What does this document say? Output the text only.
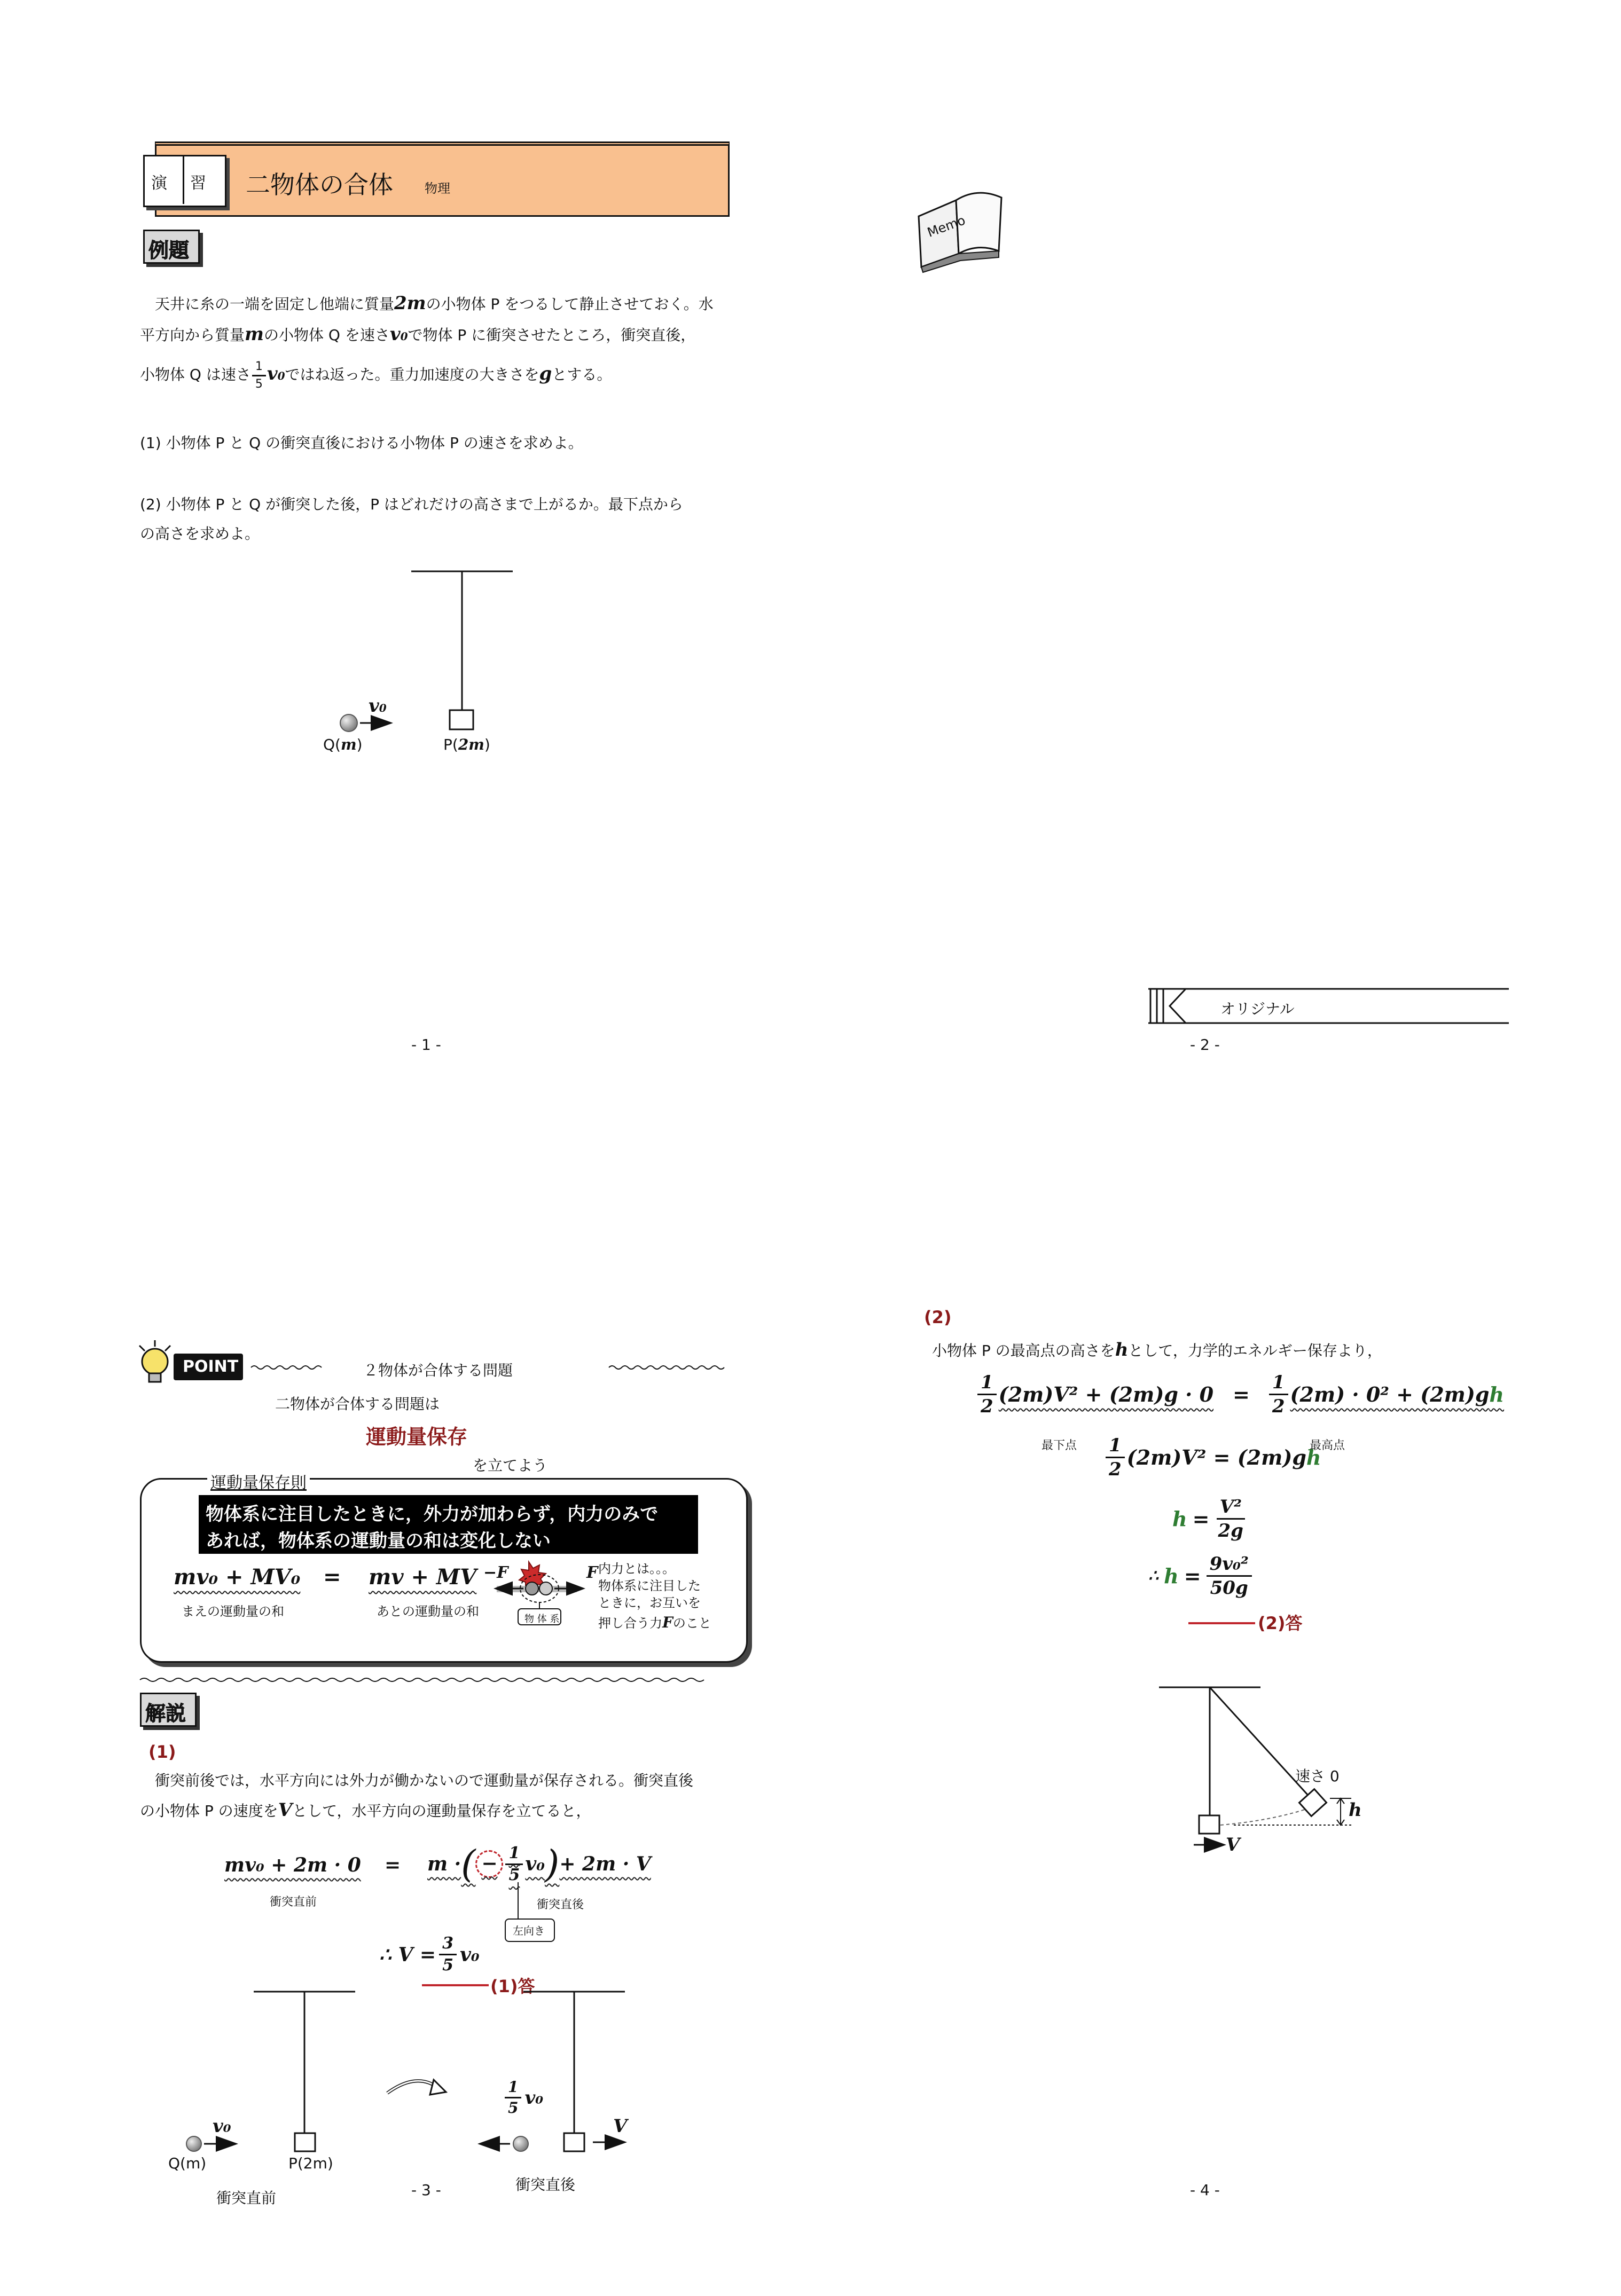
演 習 二物体の合体 物理
例題
天井に糸の一端を固定し他端に質量2mの小物体 P をつるして静止させておく。水
平方向から質量mの小物体 Q を速さv0で物体 P に衝突させたところ，衝突直後，
小物体 Q は速さ $\frac{1}{5} v0$ではね返った。重力加速度の大きさをgとする。
(1) 小物体 P と Q の衝突直後における小物体 P の速さを求めよ。
(2) 小物体 P と Q が衝突した後，P はどれだけの高さまで上がるか。最下点から
の高さを求めよ。
v0
Q(m)	P(2m)
- 1 -
Memo
オリジナル
- 2 -
POINT	２物体が合体する問題
二物体が合体する問題は
運動量保存
を立てよう
運動量保存則
物体系に注目したときに，外力が加わらず，内力のみで
あれば，物体系の運動量の和は変化しない
mv₀ + MV₀ = mv + MV
まえの運動量の和	あとの運動量の和
−F	F
物 体 系
内力とは。。。
物体系に注目した
ときに，お互いを
押し合う力Fのこと
解説
(1)
衝突前後では，水平方向には外力が働かないので運動量が保存される。衝突直後
の小物体 P の速度をVとして，水平方向の運動量保存を立てると，
mv₀ + 2m · 0 = m · ( − $\frac{1}{5} v_0$ ) + 2m · V
衝突直前	衝突直後
左向き
∴ $V = \frac{3}{5} v_0$
(1)答
v₀
Q(m)	P(2m)
衝突直前
$\frac{1}{5} v_0$
V
衝突直後
- 3 -
(2)
小物体 P の最高点の高さをhとして，力学的エネルギー保存より，
$\frac{1}{2} (2m)V^2 + (2m)g \cdot 0 = \frac{1}{2} (2m) \cdot 0^2 + (2m)gh$
最下点	最高点
$\frac{1}{2} (2m)V^2 = (2m)g$ h
$h = \frac{\text{V²}}{2g}$
∴ $h = \frac{\text{9v₀²}}{50g}$
(2)答
速さ 0
h
V
- 4 -
